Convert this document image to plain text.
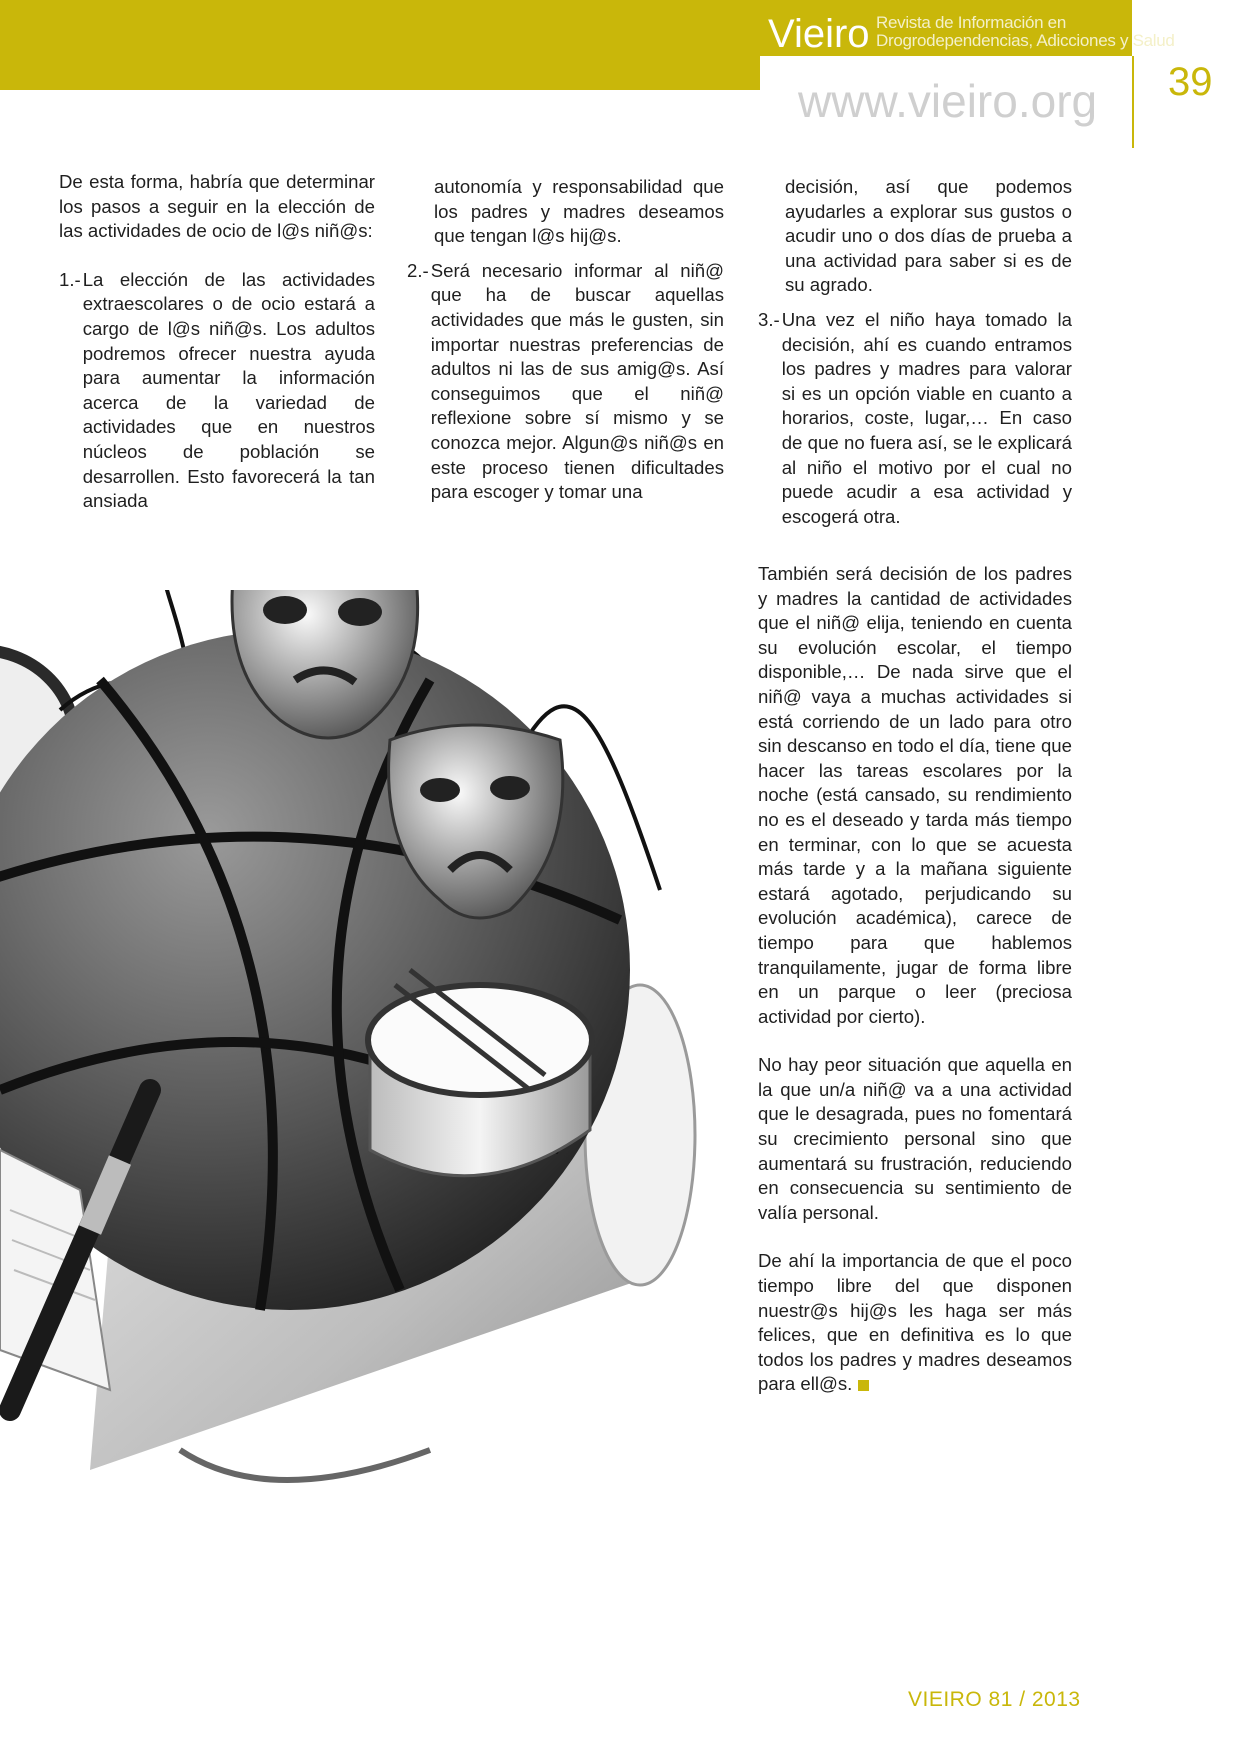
Vieiro Revista de Información en
Drogrodependencias, Adicciones y Salud
www.vieiro.org 39

De esta forma, habría que determinar los pasos a seguir en la elección de las actividades de ocio de l@s niñ@s:

1.- La elección de las actividades extraescolares o de ocio estará a cargo de l@s niñ@s. Los adultos podremos ofrecer nuestra ayuda para aumentar la información acerca de la variedad de actividades que en nuestros núcleos de población se desarrollen. Esto favorecerá la tan ansiada

autonomía y responsabilidad que los padres y madres deseamos que tengan l@s hij@s.

2.- Será necesario informar al niñ@ que ha de buscar aquellas actividades que más le gusten, sin importar nuestras preferencias de adultos ni las de sus amig@s. Así conseguimos que el niñ@ reflexione sobre sí mismo y se conozca mejor. Algun@s niñ@s en este proceso tienen dificultades para escoger y tomar una

decisión, así que podemos ayudarles a explorar sus gustos o acudir uno o dos días de prueba a una actividad para saber si es de su agrado.

3.- Una vez el niño haya tomado la decisión, ahí es cuando entramos los padres y madres para valorar si es un opción viable en cuanto a horarios, coste, lugar,… En caso de que no fuera así, se le explicará al niño el motivo por el cual no puede acudir a esa actividad y escogerá otra.

También será decisión de los padres y madres la cantidad de actividades que el niñ@ elija, teniendo en cuenta su evolución escolar, el tiempo disponible,… De nada sirve que el niñ@ vaya a muchas actividades si está corriendo de un lado para otro sin descanso en todo el día, tiene que hacer las tareas escolares por la noche (está cansado, su rendimiento no es el deseado y tarda más tiempo en terminar, con lo que se acuesta más tarde y a la mañana siguiente estará agotado, perjudicando su evolución académica), carece de tiempo para que hablemos tranquilamente, jugar de forma libre en un parque o leer (preciosa actividad por cierto).

No hay peor situación que aquella en la que un/a niñ@ va a una actividad que le desagrada, pues no fomentará su crecimiento personal sino que aumentará su frustración, reduciendo en consecuencia su sentimiento de valía personal.

De ahí la importancia de que el poco tiempo libre del que disponen nuestr@s hij@s les haga ser más felices, que en definitiva es lo que todos los padres y madres deseamos para ell@s.

VIEIRO 81 / 2013
